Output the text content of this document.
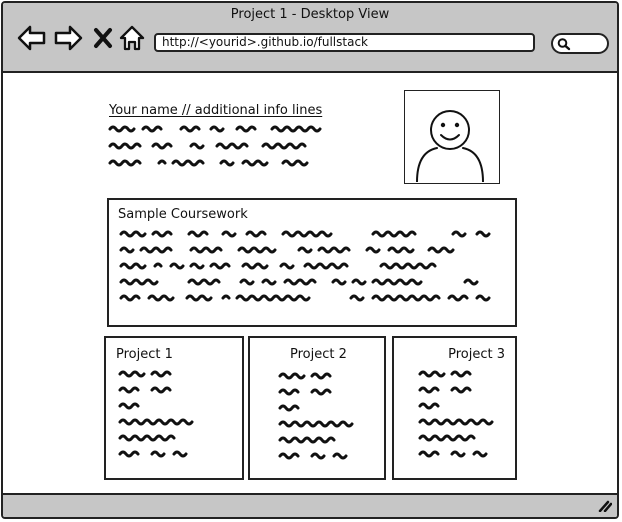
Project 1 - Desktop View
http://<yourid>.github.io/fullstack
Your name // additional info lines
Sample Coursework
Project 1	Project 2	Project 3
